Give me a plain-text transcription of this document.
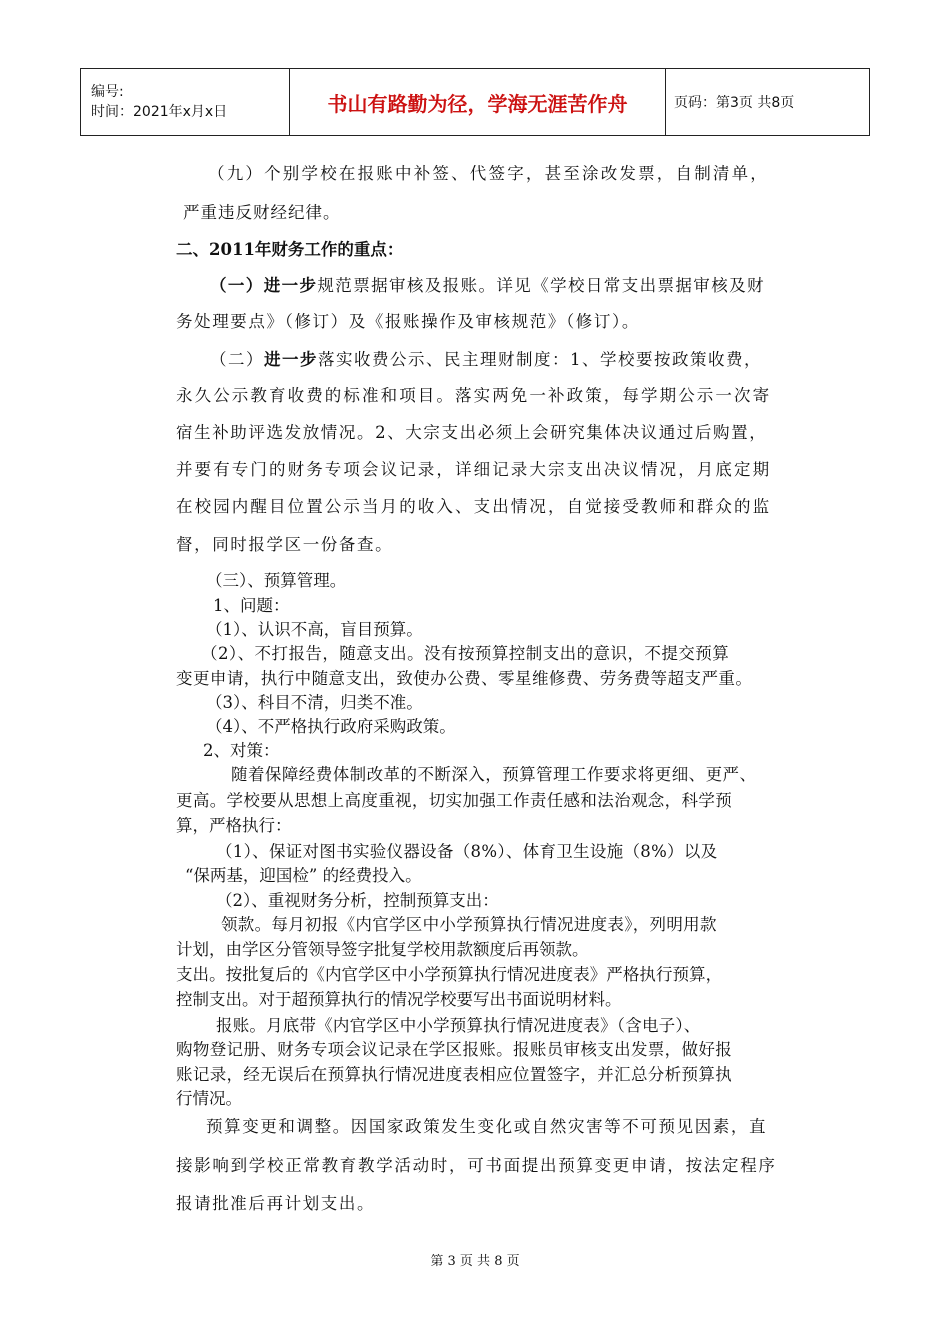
编号:
时间：2021年x月x日	书山有路勤为径，学海无涯苦作舟	页码：第3页 共8页
（九）个别学校在报账中补签、代签字，甚至涂改发票，自制清单，
严重违反财经纪律。
二、2011年财务工作的重点：
（一）进一步规范票据审核及报账。详见《学校日常支出票据审核及财
务处理要点》（修订）及《报账操作及审核规范》（修订）。
（二）进一步落实收费公示、民主理财制度：1、学校要按政策收费，
永久公示教育收费的标准和项目。落实两免一补政策，每学期公示一次寄
宿生补助评选发放情况。2、大宗支出必须上会研究集体决议通过后购置，
并要有专门的财务专项会议记录，详细记录大宗支出决议情况，月底定期
在校园内醒目位置公示当月的收入、支出情况，自觉接受教师和群众的监
督，同时报学区一份备查。
（三）、预算管理。
1、问题：
（1）、认识不高，盲目预算。
（2）、不打报告，随意支出。没有按预算控制支出的意识，不提交预算
变更申请，执行中随意支出，致使办公费、零星维修费、劳务费等超支严重。
（3）、科目不清，归类不准。
（4）、不严格执行政府采购政策。
2、对策：
随着保障经费体制改革的不断深入，预算管理工作要求将更细、更严、
更高。学校要从思想上高度重视，切实加强工作责任感和法治观念，科学预
算，严格执行：
（1）、保证对图书实验仪器设备（8%）、体育卫生设施（8%）以及
“保两基，迎国检” 的经费投入。
（2）、重视财务分析，控制预算支出：
领款。每月初报《内官学区中小学预算执行情况进度表》，列明用款
计划，由学区分管领导签字批复学校用款额度后再领款。
支出。按批复后的《内官学区中小学预算执行情况进度表》严格执行预算，
控制支出。对于超预算执行的情况学校要写出书面说明材料。
报账。月底带《内官学区中小学预算执行情况进度表》（含电子）、
购物登记册、财务专项会议记录在学区报账。报账员审核支出发票，做好报
账记录，经无误后在预算执行情况进度表相应位置签字，并汇总分析预算执
行情况。
预算变更和调整。因国家政策发生变化或自然灾害等不可预见因素，直
接影响到学校正常教育教学活动时，可书面提出预算变更申请，按法定程序
报请批准后再计划支出。
第 3 页 共 8 页
